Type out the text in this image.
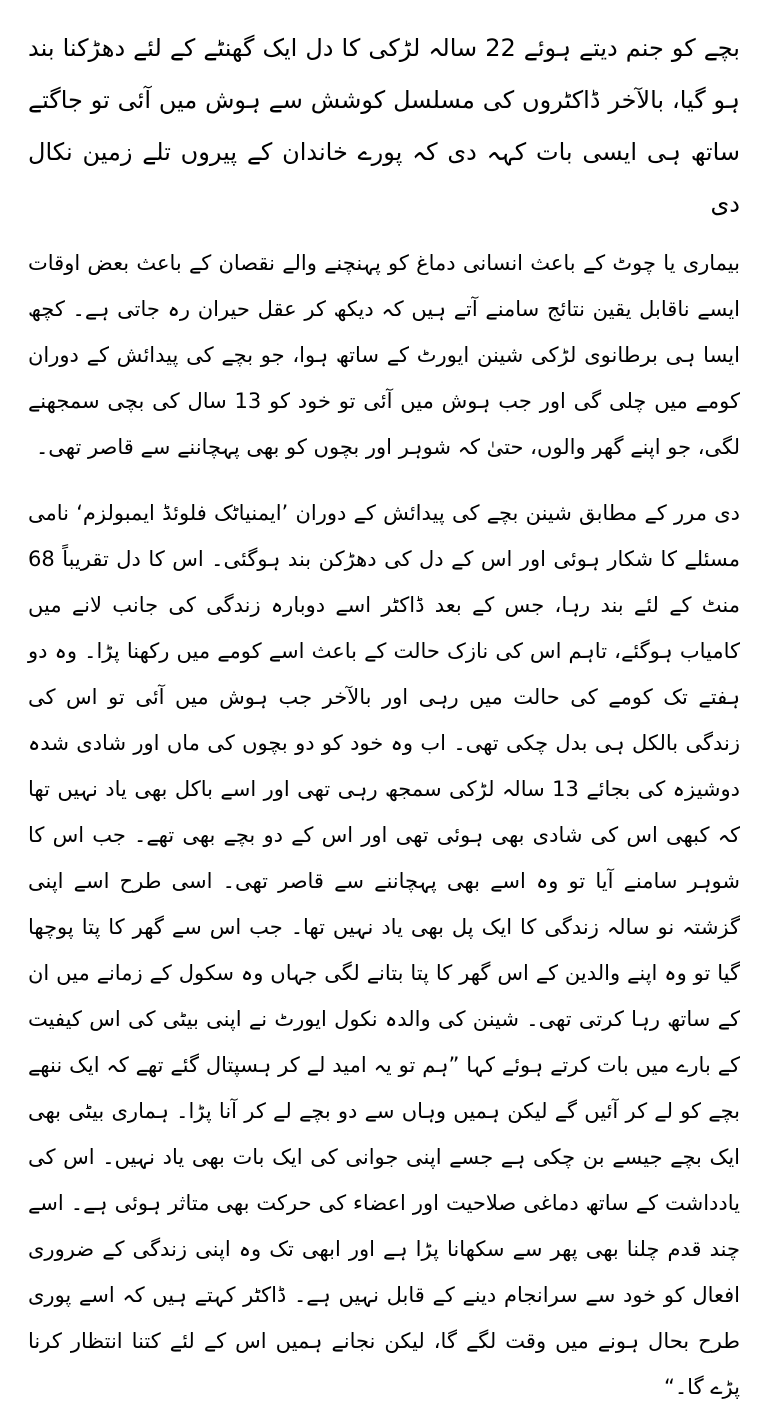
بچے کو جنم دیتے ہوئے 22 سالہ لڑکی کا دل ایک گھنٹے کے لئے دھڑکنا بند ہو گیا، بالآخر ڈاکٹروں کی مسلسل کوشش سے ہوش میں آئی تو جاگتے ساتھ ہی ایسی بات کہہ دی کہ پورے خاندان کے پیروں تلے زمین نکال دی

بیماری یا چوٹ کے باعث انسانی دماغ کو پہنچنے والے نقصان کے باعث بعض اوقات ایسے ناقابل یقین نتائج سامنے آتے ہیں کہ دیکھ کر عقل حیران رہ جاتی ہے۔ کچھ ایسا ہی برطانوی لڑکی شینن ایورٹ کے ساتھ ہوا، جو بچے کی پیدائش کے دوران کومے میں چلی گی اور جب ہوش میں آئی تو خود کو 13 سال کی بچی سمجھنے لگی، جو اپنے گھر والوں، حتیٰ کہ شوہر اور بچوں کو بھی پہچاننے سے قاصر تھی۔

دی مرر کے مطابق شینن بچے کی پیدائش کے دوران ’ایمنیاٹک فلوئڈ ایمبولزم‘ نامی مسئلے کا شکار ہوئی اور اس کے دل کی دھڑکن بند ہوگئی۔ اس کا دل تقریباً 68 منٹ کے لئے بند رہا، جس کے بعد ڈاکٹر اسے دوبارہ زندگی کی جانب لانے میں کامیاب ہوگئے، تاہم اس کی نازک حالت کے باعث اسے کومے میں رکھنا پڑا۔ وہ دو ہفتے تک کومے کی حالت میں رہی اور بالآخر جب ہوش میں آئی تو اس کی زندگی بالکل ہی بدل چکی تھی۔ اب وہ خود کو دو بچوں کی ماں اور شادی شدہ دوشیزہ کی بجائے 13 سالہ لڑکی سمجھ رہی تھی اور اسے باکل بھی یاد نہیں تھا کہ کبھی اس کی شادی بھی ہوئی تھی اور اس کے دو بچے بھی تھے۔ جب اس کا شوہر سامنے آیا تو وہ اسے بھی پہچاننے سے قاصر تھی۔ اسی طرح اسے اپنی گزشتہ نو سالہ زندگی کا ایک پل بھی یاد نہیں تھا۔ جب اس سے گھر کا پتا پوچھا گیا تو وہ اپنے والدین کے اس گھر کا پتا بتانے لگی جہاں وہ سکول کے زمانے میں ان کے ساتھ رہا کرتی تھی۔ شینن کی والدہ نکول ایورٹ نے اپنی بیٹی کی اس کیفیت کے بارے میں بات کرتے ہوئے کہا ”ہم تو یہ امید لے کر ہسپتال گئے تھے کہ ایک ننھے بچے کو لے کر آئیں گے لیکن ہمیں وہاں سے دو بچے لے کر آنا پڑا۔ ہماری بیٹی بھی ایک بچے جیسے بن چکی ہے جسے اپنی جوانی کی ایک بات بھی یاد نہیں۔ اس کی یادداشت کے ساتھ دماغی صلاحیت اور اعضاء کی حرکت بھی متاثر ہوئی ہے۔ اسے چند قدم چلنا بھی پھر سے سکھانا پڑا ہے اور ابھی تک وہ اپنی زندگی کے ضروری افعال کو خود سے سرانجام دینے کے قابل نہیں ہے۔ ڈاکٹر کہتے ہیں کہ اسے پوری طرح بحال ہونے میں وقت لگے گا، لیکن نجانے ہمیں اس کے لئے کتنا انتظار کرنا پڑے گا۔“
